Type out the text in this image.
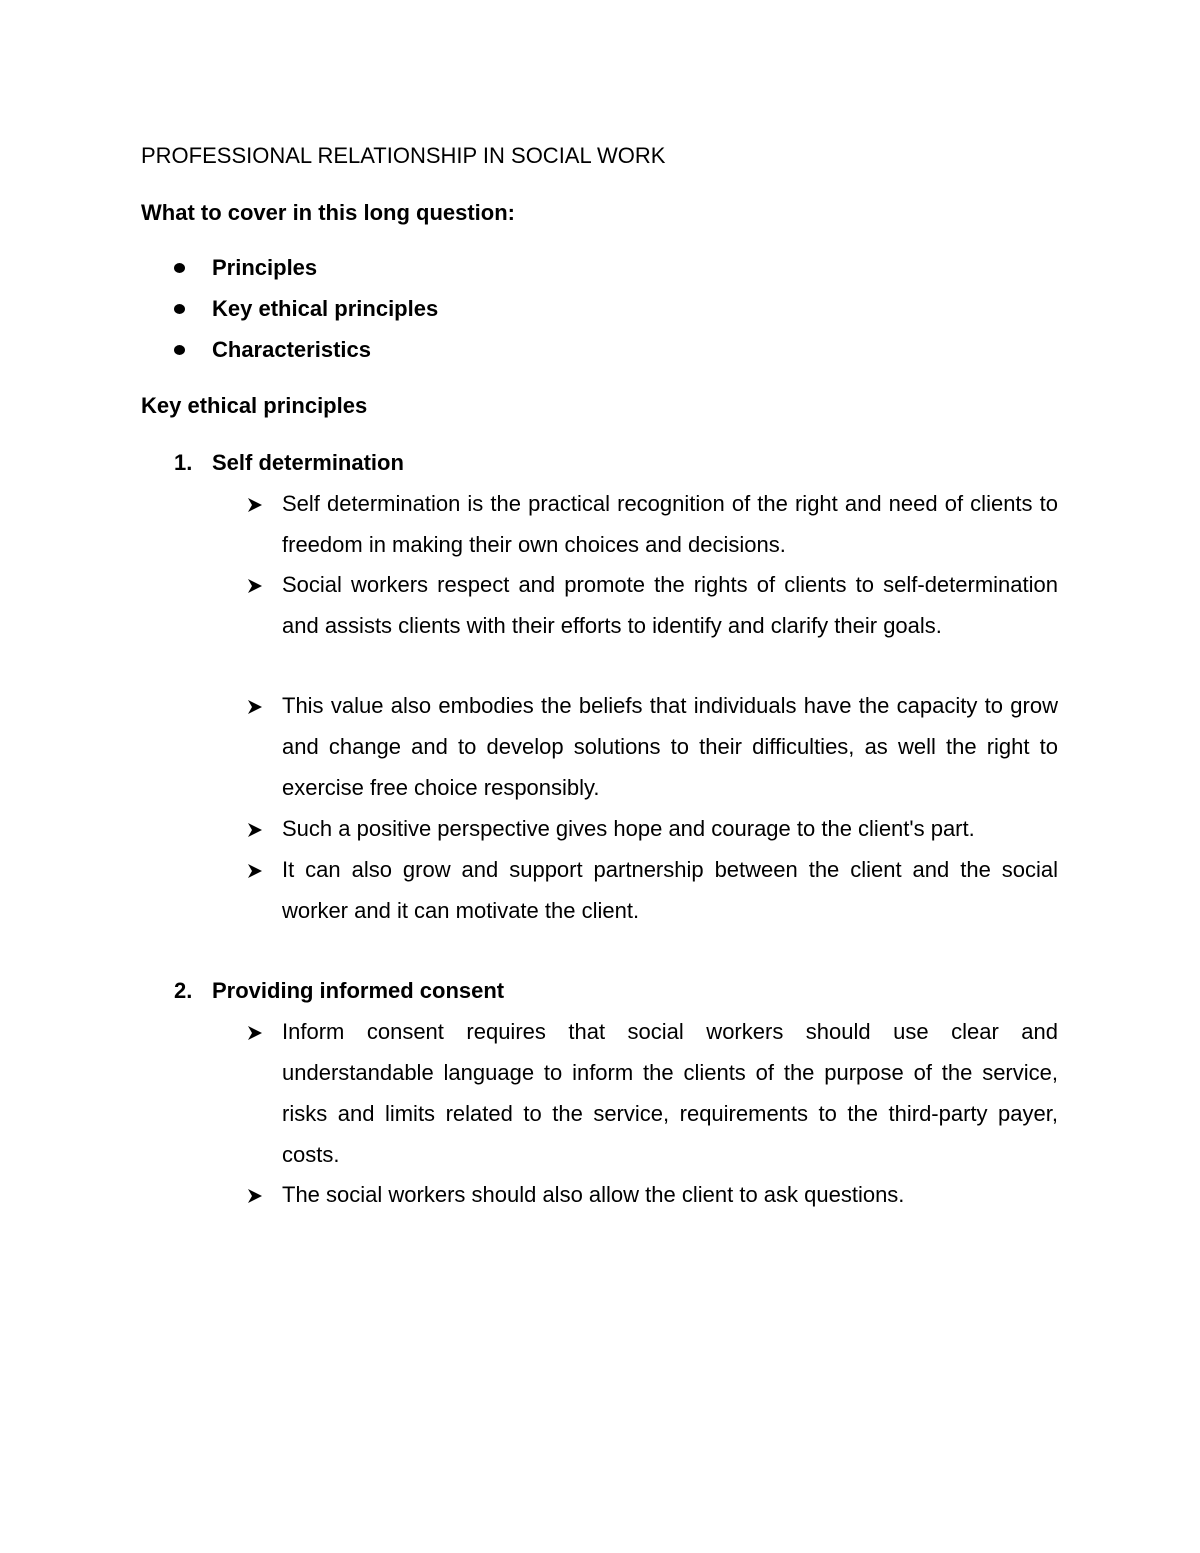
PROFESSIONAL RELATIONSHIP IN SOCIAL WORK
What to cover in this long question:
Principles
Key ethical principles
Characteristics
Key ethical principles
1. Self determination
Self determination is the practical recognition of the right and need of clients to freedom in making their own choices and decisions.
Social workers respect and promote the rights of clients to self-determination and assists clients with their efforts to identify and clarify their goals.
This value also embodies the beliefs that individuals have the capacity to grow and change and to develop solutions to their difficulties, as well the right to exercise free choice responsibly.
Such a positive perspective gives hope and courage to the client's part.
It can also grow and support partnership between the client and the social worker and it can motivate the client.
2. Providing informed consent
Inform consent requires that social workers should use clear and understandable language to inform the clients of the purpose of the service, risks and limits related to the service, requirements to the third-party payer, costs.
The social workers should also allow the client to ask questions.
